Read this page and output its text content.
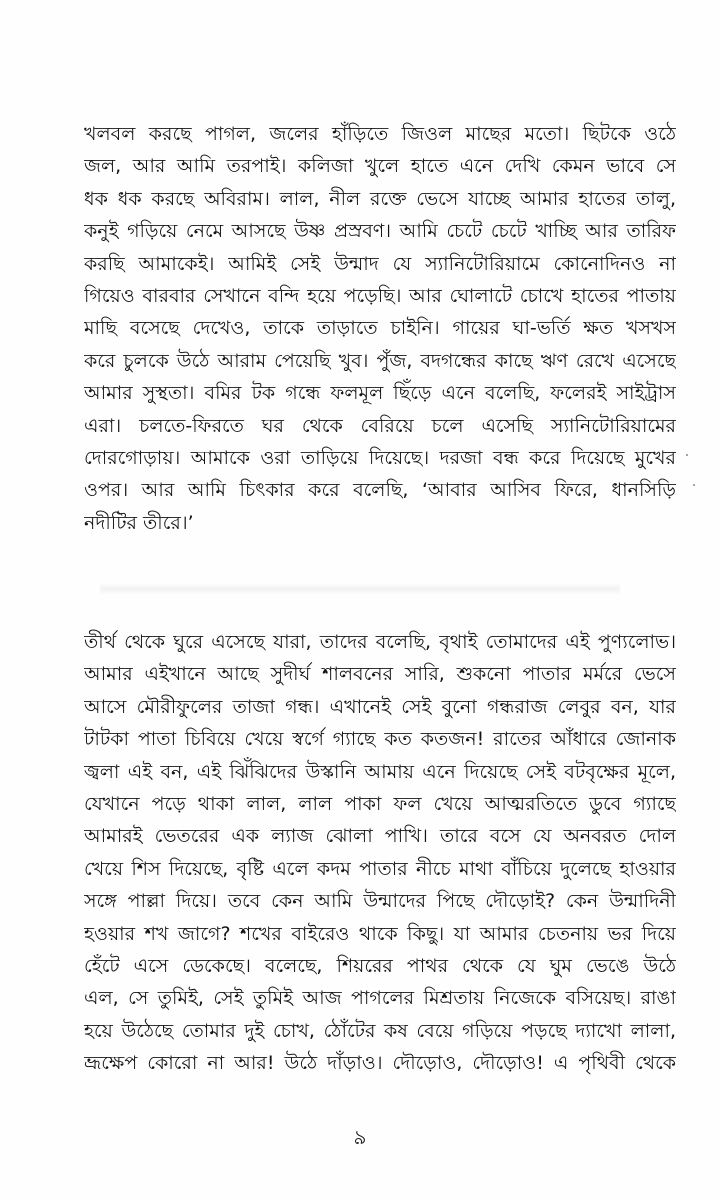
খলবল করছে পাগল, জলের হাঁড়িতে জিওল মাছের মতো। ছিটকে ওঠে
জল, আর আমি তরপাই। কলিজা খুলে হাতে এনে দেখি কেমন ভাবে সে
ধক ধক করছে অবিরাম। লাল, নীল রক্তে ভেসে যাচ্ছে আমার হাতের তালু,
কনুই গড়িয়ে নেমে আসছে উষ্ণ প্রস্রবণ। আমি চেটে চেটে খাচ্ছি আর তারিফ
করছি আমাকেই। আমিই সেই উন্মাদ যে স্যানিটোরিয়ামে কোনোদিনও না
গিয়েও বারবার সেখানে বন্দি হয়ে পড়েছি। আর ঘোলাটে চোখে হাতের পাতায়
মাছি বসেছে দেখেও, তাকে তাড়াতে চাইনি। গায়ের ঘা-ভর্তি ক্ষত খসখস
করে চুলকে উঠে আরাম পেয়েছি খুব। পুঁজ, বদগন্ধের কাছে ঋণ রেখে এসেছে
আমার সুস্থতা। বমির টক গন্ধে ফলমূল ছিঁড়ে এনে বলেছি, ফলেরই সাইট্রাস
এরা। চলতে-ফিরতে ঘর থেকে বেরিয়ে চলে এসেছি স্যানিটোরিয়ামের
দোরগোড়ায়। আমাকে ওরা তাড়িয়ে দিয়েছে। দরজা বন্ধ করে দিয়েছে মুখের
ওপর। আর আমি চিৎকার করে বলেছি, ‘আবার আসিব ফিরে, ধানসিড়ি
নদীটির তীরে।’
তীর্থ থেকে ঘুরে এসেছে যারা, তাদের বলেছি, বৃথাই তোমাদের এই পুণ্যলোভ।
আমার এইখানে আছে সুদীর্ঘ শালবনের সারি, শুকনো পাতার মর্মরে ভেসে
আসে মৌরীফুলের তাজা গন্ধ। এখানেই সেই বুনো গন্ধরাজ লেবুর বন, যার
টাটকা পাতা চিবিয়ে খেয়ে স্বর্গে গ্যাছে কত কতজন! রাতের আঁধারে জোনাক
জ্বলা এই বন, এই ঝিঁঝিদের উস্কানি আমায় এনে দিয়েছে সেই বটবৃক্ষের মূলে,
যেখানে পড়ে থাকা লাল, লাল পাকা ফল খেয়ে আত্মরতিতে ডুবে গ্যাছে
আমারই ভেতরের এক ল্যাজ ঝোলা পাখি। তারে বসে যে অনবরত দোল
খেয়ে শিস দিয়েছে, বৃষ্টি এলে কদম পাতার নীচে মাথা বাঁচিয়ে দুলেছে হাওয়ার
সঙ্গে পাল্লা দিয়ে। তবে কেন আমি উন্মাদের পিছে দৌড়োই? কেন উন্মাদিনী
হওয়ার শখ জাগে? শখের বাইরেও থাকে কিছু। যা আমার চেতনায় ভর দিয়ে
হেঁটে এসে ডেকেছে। বলেছে, শিয়রের পাথর থেকে যে ঘুম ভেঙে উঠে
এল, সে তুমিই, সেই তুমিই আজ পাগলের মিশ্রতায় নিজেকে বসিয়েছ। রাঙা
হয়ে উঠেছে তোমার দুই চোখ, ঠোঁটের কষ বেয়ে গড়িয়ে পড়ছে দ্যাখো লালা,
ভ্রূক্ষেপ কোরো না আর! উঠে দাঁড়াও। দৌড়োও, দৌড়োও! এ পৃথিবী থেকে
৯
